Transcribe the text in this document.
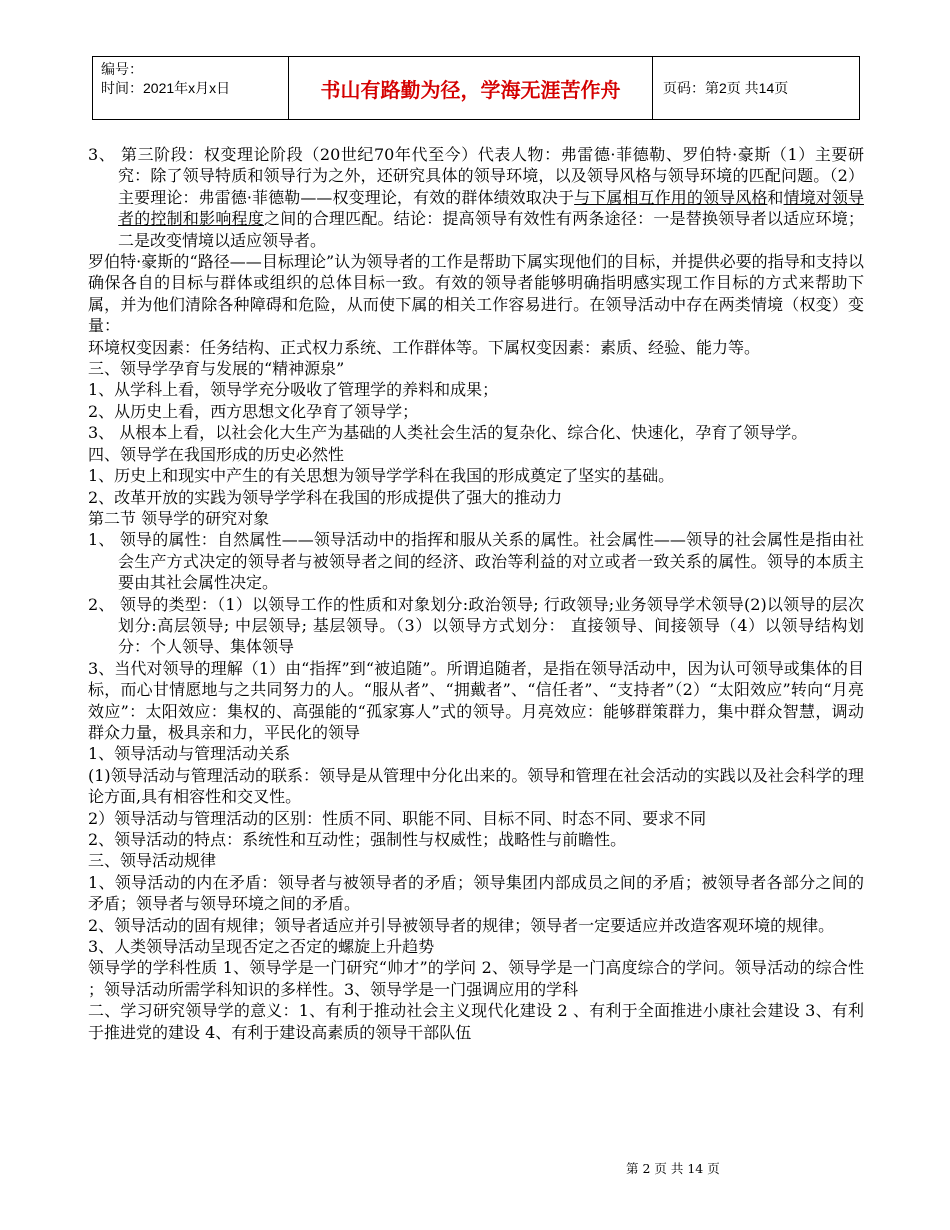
编号：
时间：2021年x月x日	书山有路勤为径，学海无涯苦作舟	页码：第2页 共14页

3、 第三阶段：权变理论阶段（20世纪70年代至今）代表人物：弗雷德·菲德勒、罗伯特·豪斯（1）主要研究：除了领导特质和领导行为之外，还研究具体的领导环境，以及领导风格与领导环境的匹配问题。（2）主要理论：弗雷德·菲德勒——权变理论，有效的群体绩效取决于与下属相互作用的领导风格和情境对领导者的控制和影响程度之间的合理匹配。结论：提高领导有效性有两条途径：一是替换领导者以适应环境；二是改变情境以适应领导者。

罗伯特·豪斯的“路径——目标理论”认为领导者的工作是帮助下属实现他们的目标，并提供必要的指导和支持以确保各自的目标与群体或组织的总体目标一致。有效的领导者能够明确指明感实现工作目标的方式来帮助下属，并为他们清除各种障碍和危险，从而使下属的相关工作容易进行。在领导活动中存在两类情境（权变）变量：

环境权变因素：任务结构、正式权力系统、工作群体等。下属权变因素：素质、经验、能力等。

三、领导学孕育与发展的“精神源泉”

1、从学科上看，领导学充分吸收了管理学的养料和成果；

2、从历史上看，西方思想文化孕育了领导学；

3、 从根本上看，以社会化大生产为基础的人类社会生活的复杂化、综合化、快速化，孕育了领导学。

四、领导学在我国形成的历史必然性

1、历史上和现实中产生的有关思想为领导学学科在我国的形成奠定了坚实的基础。

2、改革开放的实践为领导学学科在我国的形成提供了强大的推动力

第二节 领导学的研究对象

1、 领导的属性：自然属性——领导活动中的指挥和服从关系的属性。社会属性——领导的社会属性是指由社会生产方式决定的领导者与被领导者之间的经济、政治等利益的对立或者一致关系的属性。领导的本质主要由其社会属性决定。

2、 领导的类型：（1）以领导工作的性质和对象划分:政治领导; 行政领导;业务领导学术领导(2)以领导的层次划分:高层领导; 中层领导; 基层领导。（3）以领导方式划分： 直接领导、间接领导（4）以领导结构划分：个人领导、集体领导

3、当代对领导的理解（1）由“指挥”到“被追随”。所谓追随者，是指在领导活动中，因为认可领导或集体的目标，而心甘情愿地与之共同努力的人。“服从者”、“拥戴者”、“信任者”、“支持者”（2）“太阳效应”转向“月亮效应”：太阳效应：集权的、高强能的“孤家寡人”式的领导。月亮效应：能够群策群力，集中群众智慧，调动群众力量，极具亲和力，平民化的领导

1、领导活动与管理活动关系

(1)领导活动与管理活动的联系：领导是从管理中分化出来的。领导和管理在社会活动的实践以及社会科学的理论方面,具有相容性和交叉性。

2）领导活动与管理活动的区别：性质不同、职能不同、目标不同、时态不同、要求不同

2、领导活动的特点：系统性和互动性；强制性与权威性；战略性与前瞻性。

三、领导活动规律

1、领导活动的内在矛盾：领导者与被领导者的矛盾；领导集团内部成员之间的矛盾；被领导者各部分之间的矛盾；领导者与领导环境之间的矛盾。

2、领导活动的固有规律；领导者适应并引导被领导者的规律；领导者一定要适应并改造客观环境的规律。

3、人类领导活动呈现否定之否定的螺旋上升趋势

领导学的学科性质 1、领导学是一门研究“帅才”的学问 2、领导学是一门高度综合的学问。领导活动的综合性 ；领导活动所需学科知识的多样性。3、领导学是一门强调应用的学科

二、学习研究领导学的意义：1、有利于推动社会主义现代化建设 2 、有利于全面推进小康社会建设 3、有利于推进党的建设 4、有利于建设高素质的领导干部队伍

第 2 页 共 14 页
